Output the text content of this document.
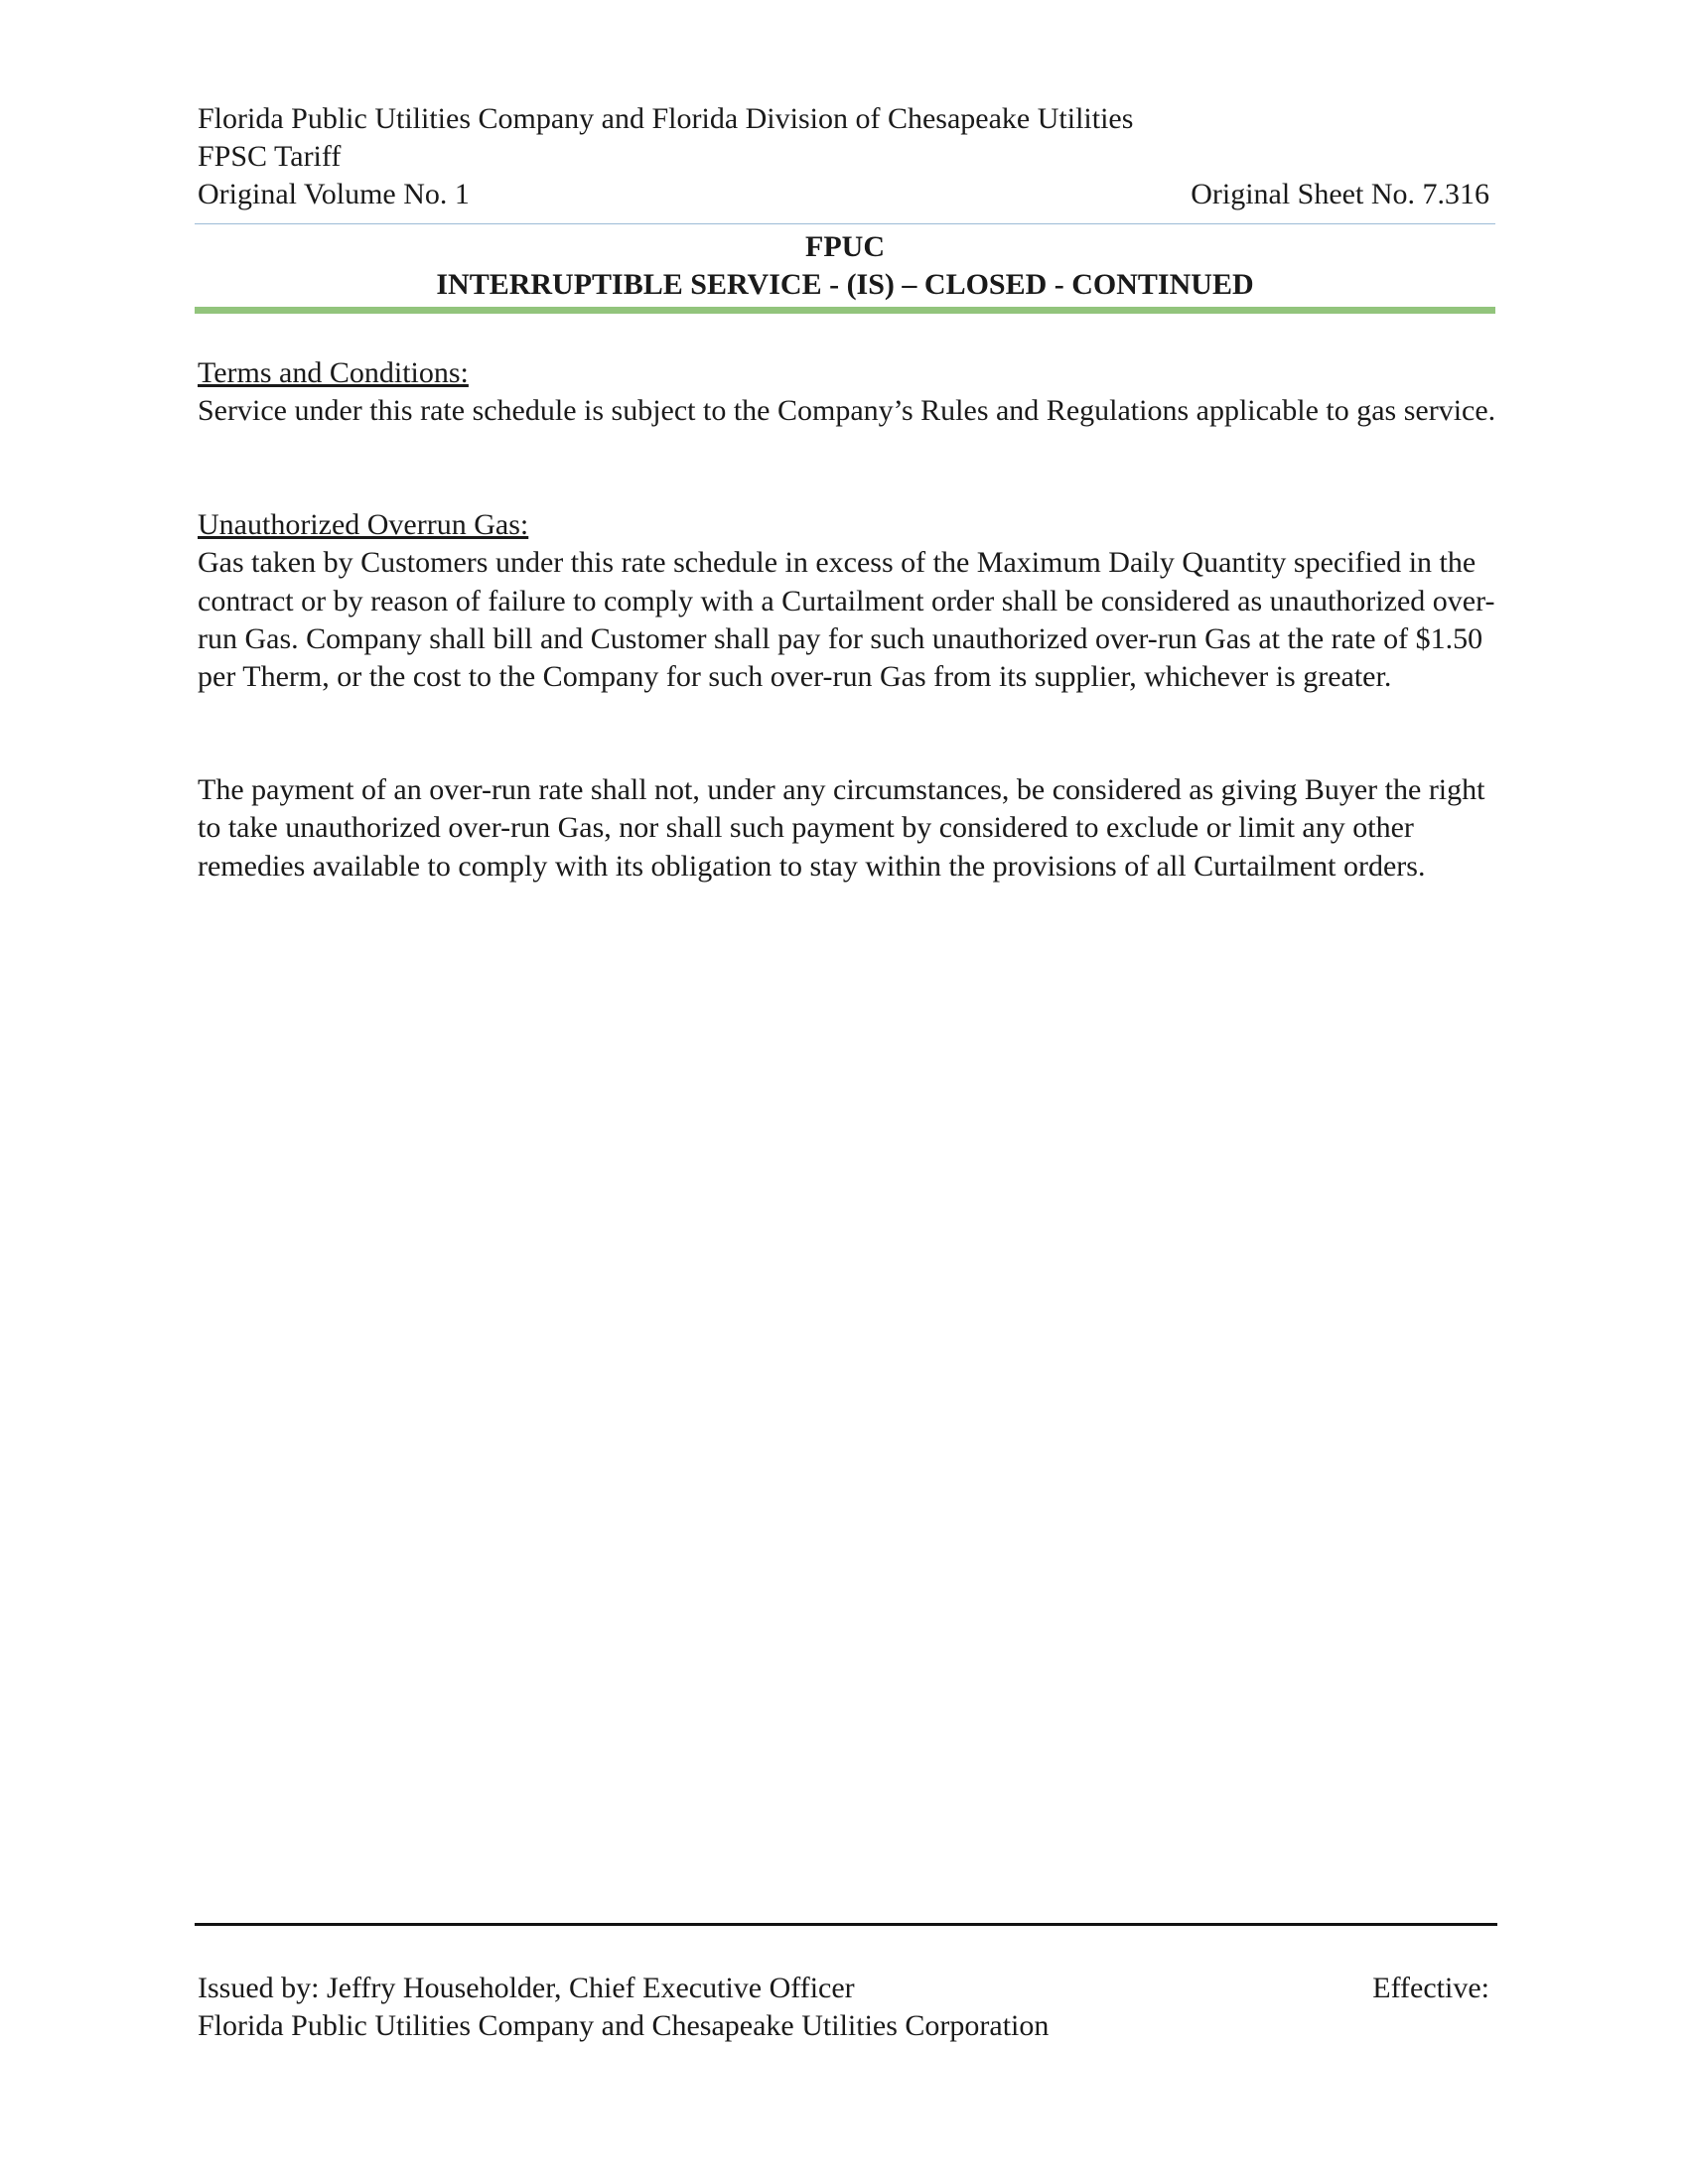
Florida Public Utilities Company and Florida Division of Chesapeake Utilities
FPSC Tariff
Original Volume No. 1	Original Sheet No. 7.316
FPUC
INTERRUPTIBLE SERVICE - (IS) – CLOSED - CONTINUED
Terms and Conditions:

Service under this rate schedule is subject to the Company’s Rules and Regulations applicable to gas service.

Unauthorized Overrun Gas:

Gas taken by Customers under this rate schedule in excess of the Maximum Daily Quantity specified in the contract or by reason of failure to comply with a Curtailment order shall be considered as unauthorized over-run Gas. Company shall bill and Customer shall pay for such unauthorized over-run Gas at the rate of $1.50 per Therm, or the cost to the Company for such over-run Gas from its supplier, whichever is greater.

The payment of an over-run rate shall not, under any circumstances, be considered as giving Buyer the right to take unauthorized over-run Gas, nor shall such payment by considered to exclude or limit any other remedies available to comply with its obligation to stay within the provisions of all Curtailment orders.

Issued by: Jeffry Householder, Chief Executive Officer	Effective:
Florida Public Utilities Company and Chesapeake Utilities Corporation
